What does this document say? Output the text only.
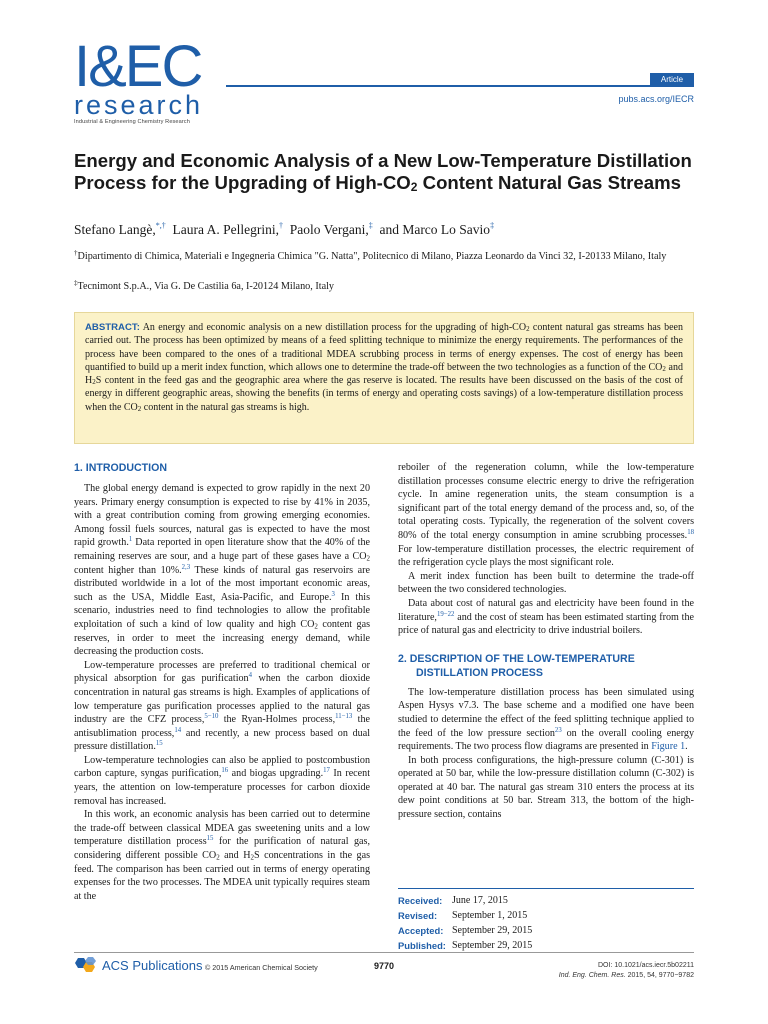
I&EC
research
Industrial & Engineering Chemistry Research
Article
pubs.acs.org/IECR
Energy and Economic Analysis of a New Low-Temperature Distillation Process for the Upgrading of High-$CO_2$ Content Natural Gas Streams
Stefano Langè,*,† Laura A. Pellegrini,† Paolo Vergani,‡ and Marco Lo Savio‡
†Dipartimento di Chimica, Materiali e Ingegneria Chimica "G. Natta", Politecnico di Milano, Piazza Leonardo da Vinci 32, I-20133 Milano, Italy
‡Tecnimont S.p.A., Via G. De Castilia 6a, I-20124 Milano, Italy
ABSTRACT: An energy and economic analysis on a new distillation process for the upgrading of high-$CO_2$ content natural gas streams has been carried out. The process has been optimized by means of a feed splitting technique to minimize the energy requirements. The performances of the process have been compared to the ones of a traditional MDEA scrubbing process in terms of energy expenses. The cost of energy has been quantified to build up a merit index function, which allows one to determine the trade-off between the two technologies as a function of the $CO_2$ and $H_2S$ content in the feed gas and the geographic area where the gas reserve is located. The results have been discussed on the basis of the cost of energy in different geographic areas, showing the benefits (in terms of energy and operating costs savings) of a low-temperature distillation process when the $CO_2$ content in the natural gas streams is high.
1. INTRODUCTION

The global energy demand is expected to grow rapidly in the next 20 years. Primary energy consumption is expected to rise by 41% in 2035, with a great contribution coming from growing emerging economies. Among fossil fuels sources, natural gas is expected to have the most rapid growth.$^1$ Data reported in open literature show that the 40% of the remaining reserves are sour, and a huge part of these gases have a $CO_2$ content higher than 10%.$^{2,3}$ These kinds of natural gas reservoirs are distributed worldwide in a lot of the most important economic areas, such as the USA, Middle East, Asia-Pacific, and Europe.$^3$ In this scenario, industries need to find technologies to allow the profitable exploitation of such a kind of low quality and high $CO_2$ content gas reserves, in order to meet the increasing energy demand, while decreasing the production costs.

Low-temperature processes are preferred to traditional chemical or physical absorption for gas purification$^4$ when the carbon dioxide concentration in natural gas streams is high. Examples of applications of low temperature gas purification processes applied to the natural gas industry are the CFZ process,$^{5-10}$ the Ryan-Holmes process,$^{11-13}$ the antisublimation process,$^{14}$ and recently, a new process based on dual pressure distillation.$^{15}$

Low-temperature technologies can also be applied to postcombustion carbon capture, syngas purification,$^{16}$ and biogas upgrading.$^{17}$ In recent years, the attention on low-temperature processes for carbon dioxide removal has increased.

In this work, an economic analysis has been carried out to determine the trade-off between classical MDEA gas sweetening units and a low temperature distillation process$^{15}$ for the purification of natural gas, considering different possible $CO_2$ and $H_2S$ concentrations in the gas feed. The comparison has been carried out in terms of energy operating expenses for the two processes. The MDEA unit typically requires steam at the

reboiler of the regeneration column, while the low-temperature distillation processes consume electric energy to drive the refrigeration cycle. In amine regeneration units, the steam consumption is a significant part of the total energy demand of the process and, so, of the total operating costs. Typically, the regeneration of the solvent covers 80% of the total energy consumption in amine scrubbing processes.$^{18}$ For low-temperature distillation processes, the electric requirement of the refrigeration cycle plays the most significant role.

A merit index function has been built to determine the trade-off between the two considered technologies.

Data about cost of natural gas and electricity have been found in the literature,$^{19-22}$ and the cost of steam has been estimated starting from the price of natural gas and electricity to drive industrial boilers.

2. DESCRIPTION OF THE LOW-TEMPERATURE
DISTILLATION PROCESS

The low-temperature distillation process has been simulated using Aspen Hysys v7.3. The base scheme and a modified one have been studied to determine the effect of the feed splitting technique applied to the feed of the low pressure section$^{23}$ on the overall cooling energy requirements. The two process flow diagrams are presented in Figure 1.

In both process configurations, the high-pressure column (C-301) is operated at 50 bar, while the low-pressure distillation column (C-302) is operated at 40 bar. The natural gas stream 310 enters the process at its dew point conditions at 50 bar. Stream 313, the bottom of the high-pressure section, contains

Received: June 17, 2015
Revised:	September 1, 2015
Accepted: September 29, 2015
Published: September 29, 2015
ACS Publications © 2015 American Chemical Society	9770	DOI: 10.1021/acs.iecr.5b02211
Ind. Eng. Chem. Res. 2015, 54, 9770−9782
